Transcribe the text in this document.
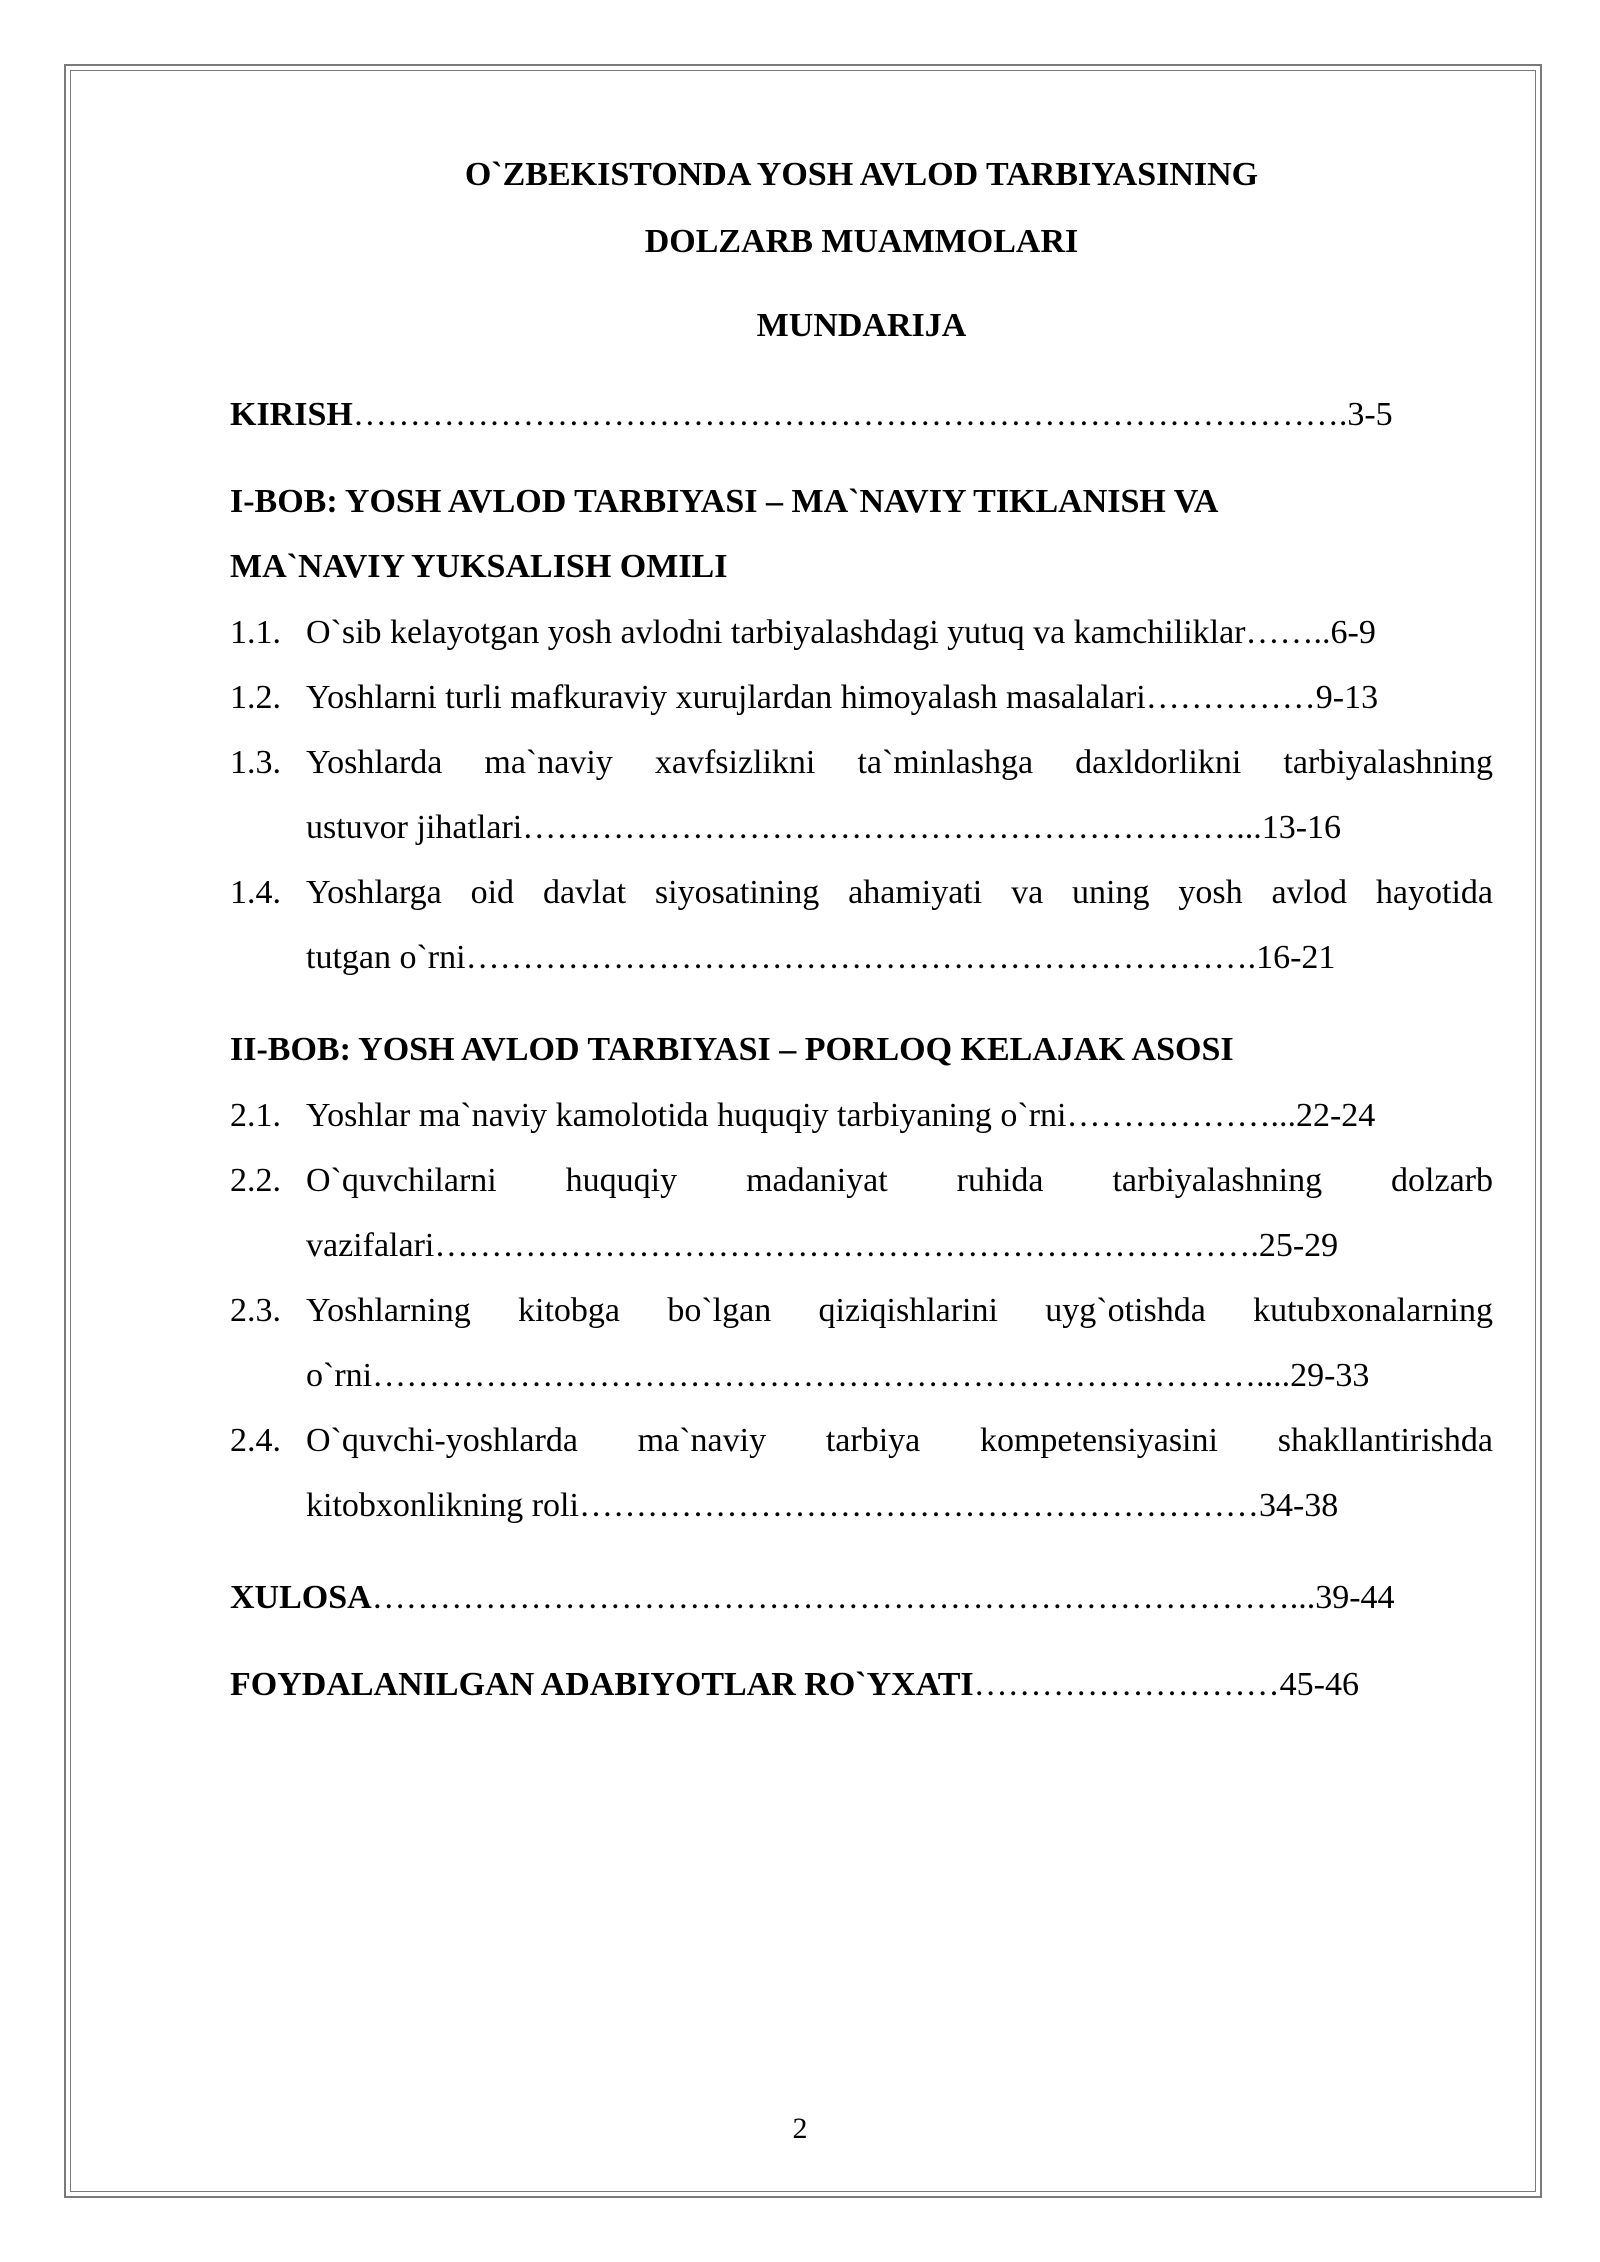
O`ZBEKISTONDA YOSH AVLOD TARBIYASINING
DOLZARB MUAMMOLARI
MUNDARIJA
KIRISH…………………………………………………………………………….3-5
I-BOB: YOSH AVLOD TARBIYASI – MA`NAVIY TIKLANISH VA
MA`NAVIY YUKSALISH OMILI
1.1. O`sib kelayotgan yosh avlodni tarbiyalashdagi yutuq va kamchiliklar……..6-9
1.2. Yoshlarni turli mafkuraviy xurujlardan himoyalash masalalari……………9-13
1.3. Yoshlarda ma`naviy xavfsizlikni ta`minlashga daxldorlikni tarbiyalashning
ustuvor jihatlari………………………………………………………...13-16
1.4. Yoshlarga oid davlat siyosatining ahamiyati va uning yosh avlod hayotida
tutgan o`rni…………………………………………………………….16-21
II-BOB: YOSH AVLOD TARBIYASI – PORLOQ KELAJAK ASOSI
2.1. Yoshlar ma`naviy kamolotida huquqiy tarbiyaning o`rni………………...22-24
2.2. O`quvchilarni huquqiy madaniyat ruhida tarbiyalashning dolzarb
vazifalari……………………………………………………………….25-29
2.3. Yoshlarning kitobga bo`lgan qiziqishlarini uyg`otishda kutubxonalarning
o`rni……………………………………………………………………....29-33
2.4. O`quvchi-yoshlarda ma`naviy tarbiya kompetensiyasini shakllantirishda
kitobxonlikning roli……………………………………………………34-38
XULOSA………………………………………………………………………...39-44
FOYDALANILGAN ADABIYOTLAR RO`YXATI………………………45-46
2
